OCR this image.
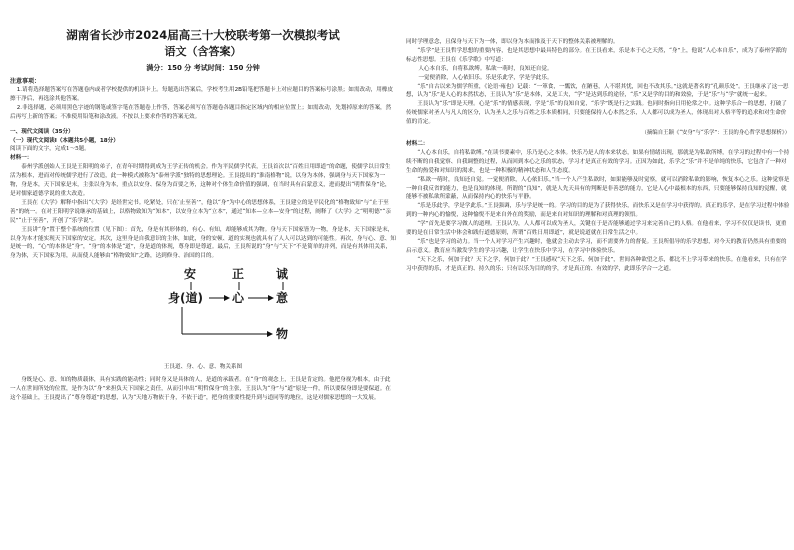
湖南省长沙市2024届高三十大校联考第一次模拟考试
语文（含答案）
满分：150 分 考试时间：150 分钟
注意事项：

1.请将选择题答案写在答题卷内或者学校提供的机读卡上。每题选出答案后，学校考生用2B铅笔把答题卡上对应题目的答案标号涂黑；如需改动，用橡皮擦干净后，再选涂其他答案。

2.非选择题，必须用黑色字迹的钢笔或签字笔在答题卷上作答，答案必须写在答题卷各题目指定区域内的相应位置上；如需改动，先划掉原来的答案，然后再写上新的答案；不准使用铅笔和涂改液。不按以上要求作答的答案无效。

一、现代文阅读（35分）
（一）现代文阅读Ⅰ（本题共5小题，18分）
阅读下面的文字，完成1～5题。
材料一：

泰州学派创始人王艮是王阳明的弟子，在青年时期得到成为王学正传的机会。作为平民儒学代表，王艮首次以“百姓日用即道”的命题，使儒学以日常生活为根本，进而对传统儒学进行了改造，此一种模式被称为“泰州学派”独特的思想理论。王艮提出的“淮南格物”说，以身为本体，强调身与天下国家为一物，身是本，天下国家是末，主张以身为本，重点以安身、保身为首要之务，这种对个体生命价值的强调，在当时具有启蒙意义，进而提出“明哲保身”论，是对儒家道德学说的重大改造。

王艮在《大学》解释中指出“《大学》是经世完书。吃紧处，只在‘止至善’”，他以“身”为中心的思想体系，王艮建立的是平民化的“格物致知”与“止于至善”的统一。在对王阳明学说继承的基础上，以格物致知为“知本”，以安身立本为“立本”，通过“知本—立本—安身”的过程，阐释了《大学》之“明明德”“亲民”“止于至善”，开创了“乐学说”。

王艮讲“身”置于整个系统的位置（见下图）：首先，身是有其形体的，有心、有知，却能够成其为物。身与天下国家皆为一物，身是本，天下国家是末，以身为本才能实现天下国家的安定。其次，这里身是自我意识的主体，如此，身的安顿、道的实现也就具有了人人可以达到的可能性。再次，身与心、意、知是统一的，“心”的本体是“身”，“身”的本体是“道”，身是道的体现，尊身即是尊道。最后，王艮所说的“身”与“天下”不是简单的并列，而是有其体用关系，身为体，天下国家为用，从而使人能够由“格物致知”之路，达到修身、治国的目的。

安	正	诚
身(道) 心	意
物
王艮道、身、心、意、物关系图

身既是心、意、知的物质载体，具有实践的能动性；同时身又是具体的人，是道的承载者。在“身”的观念上，王艮是肯定的。他把身视为根本，由于此一人在世间所处的位置，是作为以“身”来担负天下国家之责任，从而引申出“明哲保身”的主张，王艮认为“身”与“道”原是一件，所以要保身即是要保道。在这个基础上，王艮提出了“尊身尊道”的思想，认为“天地万物依于身，不依于道”，把身的重要性提升到与道同等的地位，这是对儒家思想的一大发展。

同时学理意念，且保身与天下为一体，即以身为本而推及于天下的整体关系被理解的。

“乐学”是王艮哲学思想的重要内容，也是其思想中最具特色的部分。在王艮看来，乐是本于心之天然，“身”上，他说“人心本自乐”，成为了泰州学派的标志性思想。王艮在《乐学歌》中写道：

人心本自乐，自将私欲缚。私欲一萌时，良知还自觉。

一觉便消除，人心依旧乐。乐是乐此学，学是学此乐。

“乐”自古以来为儒学所重，《论语·雍也》记载：“一箪食，一瓢饮，在陋巷，人不堪其忧，回也不改其乐。”这就是著名的“孔颜乐处”。王艮继承了这一思想，认为“乐”是人心的本然状态，王艮认为“乐”是本体，又是工夫，“学”是达到乐的途径，“乐”又是学的目的和效验，于是“乐”与“学”就统一起来。

王艮认为“乐”即是天理。心是“乐”的情感表现，学是“乐”的良知自觉，“乐学”既是行之实践。也同时指向日用伦常之中。这种学乐合一的思想，打破了传统儒家对圣人与凡人的区分，认为圣人之乐与百姓之乐本质相同，只要能保持人心本然之乐，人人都可以成为圣人，体现出对人格平等的追求和对生命价值的肯定。

（摘编自王颖《“安身”与“乐学”：王艮的身心哲学思想探析》）
材料二：

“人心本自乐，自将私欲缚。”在读书要素中，乐乃是心之本体。快乐乃是人的本来状态，如果有情绪出现，那就是为私欲所缚，在学习的过程中有一个持续不断的自我觉察、自我调整的过程，从而回到本心之乐的状态，学习才是真正有效的学习。正因为如此，乐学之“乐”并不是单纯的快乐，它包含了一种对生命的热爱和对知识的渴求，也是一种积极的精神状态和人生态度。

“私欲一萌时，良知还自觉。一觉便消除，人心依旧乐。”当一个人产生私欲时，如果能够及时觉察，就可以消除私欲的影响，恢复本心之乐。这种觉察是一种自我反省的能力，也是良知的体现。所谓的“良知”，就是人先天具有的判断是非善恶的能力，它是人心中最根本的东西，只要能够保持良知的觉醒，就能够不被私欲所蒙蔽，从而保持内心的快乐与平静。

“乐是乐此学，学是学此乐。”王艮强调，乐与学是统一的。学习的目的是为了获得快乐，而快乐又是在学习中获得的。真正的乐学，是在学习过程中体验到的一种内心的愉悦，这种愉悦不是来自外在的奖励，而是来自对知识的理解和对真理的领悟。

“学”首先是要学习做人的道理。王艮认为，人人都可以成为圣人，关键在于是否能够通过学习来完善自己的人格。在他看来，学习不仅仅是读书，更重要的是在日常生活中体会和践行道德原则，所谓“百姓日用即道”，就是说道就在日常生活之中。

“乐”也是学习的动力。当一个人对学习产生兴趣时，他就会主动去学习，而不需要外力的督促。王艮所倡导的乐学思想，对今天的教育仍然具有重要的启示意义。教育应当激发学生的学习兴趣，让学生在快乐中学习，在学习中体验快乐。

“天下之乐，何加于此？天下之学，何加于此？”王艮感叹“天下之乐，何加于此”，世间各种欲望之乐，都比不上学习带来的快乐。在他看来，只有在学习中获得的乐，才是真正的、持久的乐；只有以乐为目的的学，才是真正的、有效的学，此即乐学合一之道。
